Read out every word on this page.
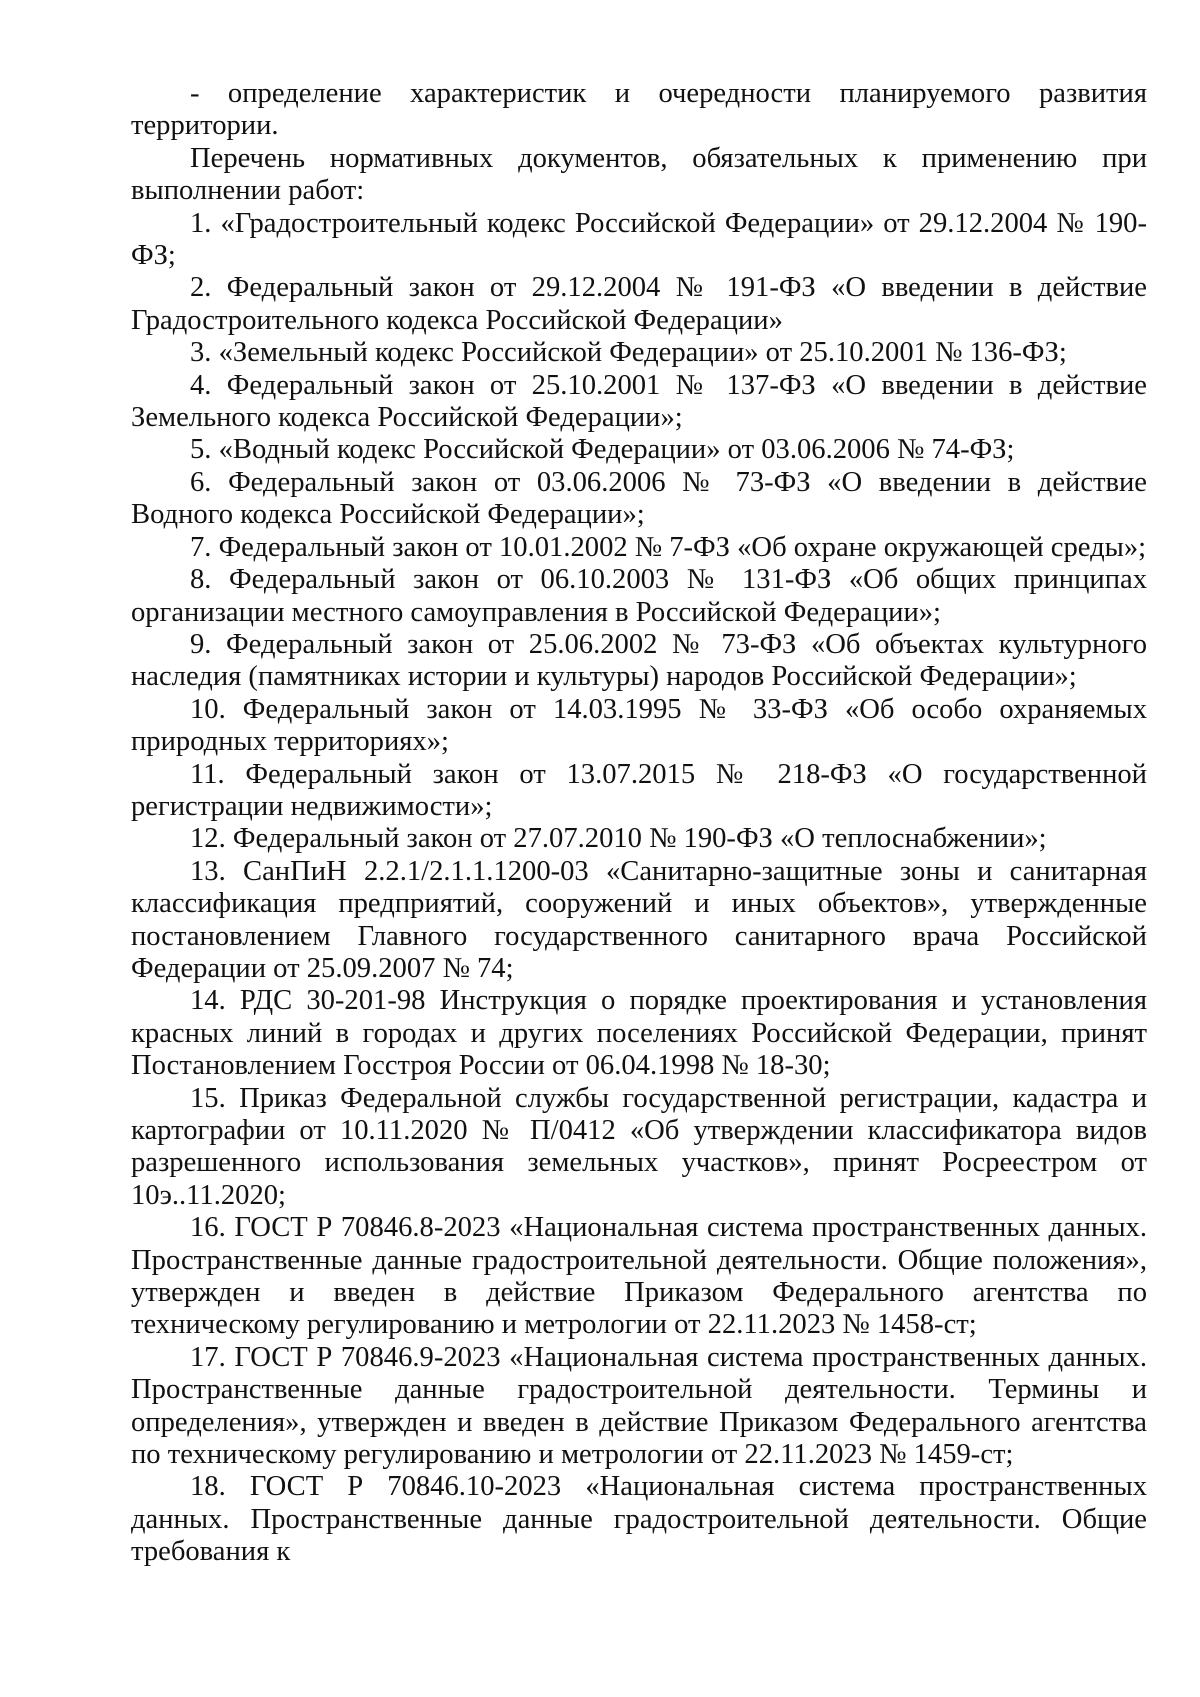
- определение характеристик и очередности планируемого развития территории.

Перечень нормативных документов, обязательных к применению при выполнении работ:

1. «Градостроительный кодекс Российской Федерации» от 29.12.2004 № 190-ФЗ;

2. Федеральный закон от 29.12.2004 № 191-ФЗ «О введении в действие Градостроительного кодекса Российской Федерации»

3. «Земельный кодекс Российской Федерации» от 25.10.2001 № 136-ФЗ;

4. Федеральный закон от 25.10.2001 № 137-ФЗ «О введении в действие Земельного кодекса Российской Федерации»;

5. «Водный кодекс Российской Федерации» от 03.06.2006 № 74-ФЗ;

6. Федеральный закон от 03.06.2006 № 73-ФЗ «О введении в действие Водного кодекса Российской Федерации»;

7. Федеральный закон от 10.01.2002 № 7-ФЗ «Об охране окружающей среды»;

8. Федеральный закон от 06.10.2003 № 131-ФЗ «Об общих принципах организации местного самоуправления в Российской Федерации»;

9. Федеральный закон от 25.06.2002 № 73-ФЗ «Об объектах культурного наследия (памятниках истории и культуры) народов Российской Федерации»;

10. Федеральный закон от 14.03.1995 № 33-ФЗ «Об особо охраняемых природных территориях»;

11. Федеральный закон от 13.07.2015 № 218-ФЗ «О государственной регистрации недвижимости»;

12. Федеральный закон от 27.07.2010 № 190-ФЗ «О теплоснабжении»;

13. СанПиН 2.2.1/2.1.1.1200-03 «Санитарно-защитные зоны и санитарная классификация предприятий, сооружений и иных объектов», утвержденные постановлением Главного государственного санитарного врача Российской Федерации от 25.09.2007 № 74;

14. РДС 30-201-98 Инструкция о порядке проектирования и установления красных линий в городах и других поселениях Российской Федерации, принят Постановлением Госстроя России от 06.04.1998 № 18-30;

15. Приказ Федеральной службы государственной регистрации, кадастра и картографии от 10.11.2020 № П/0412 «Об утверждении классификатора видов разрешенного использования земельных участков», принят Росреестром от 10э..11.2020;

16. ГОСТ Р 70846.8-2023 «Национальная система пространственных данных. Пространственные данные градостроительной деятельности. Общие положения», утвержден и введен в действие Приказом Федерального агентства по техническому регулированию и метрологии от 22.11.2023 № 1458-ст;

17. ГОСТ Р 70846.9-2023 «Национальная система пространственных данных. Пространственные данные градостроительной деятельности. Термины и определения», утвержден и введен в действие Приказом Федерального агентства по техническому регулированию и метрологии от 22.11.2023 № 1459-ст;

18. ГОСТ Р 70846.10-2023 «Национальная система пространственных данных. Пространственные данные градостроительной деятельности. Общие требования к
